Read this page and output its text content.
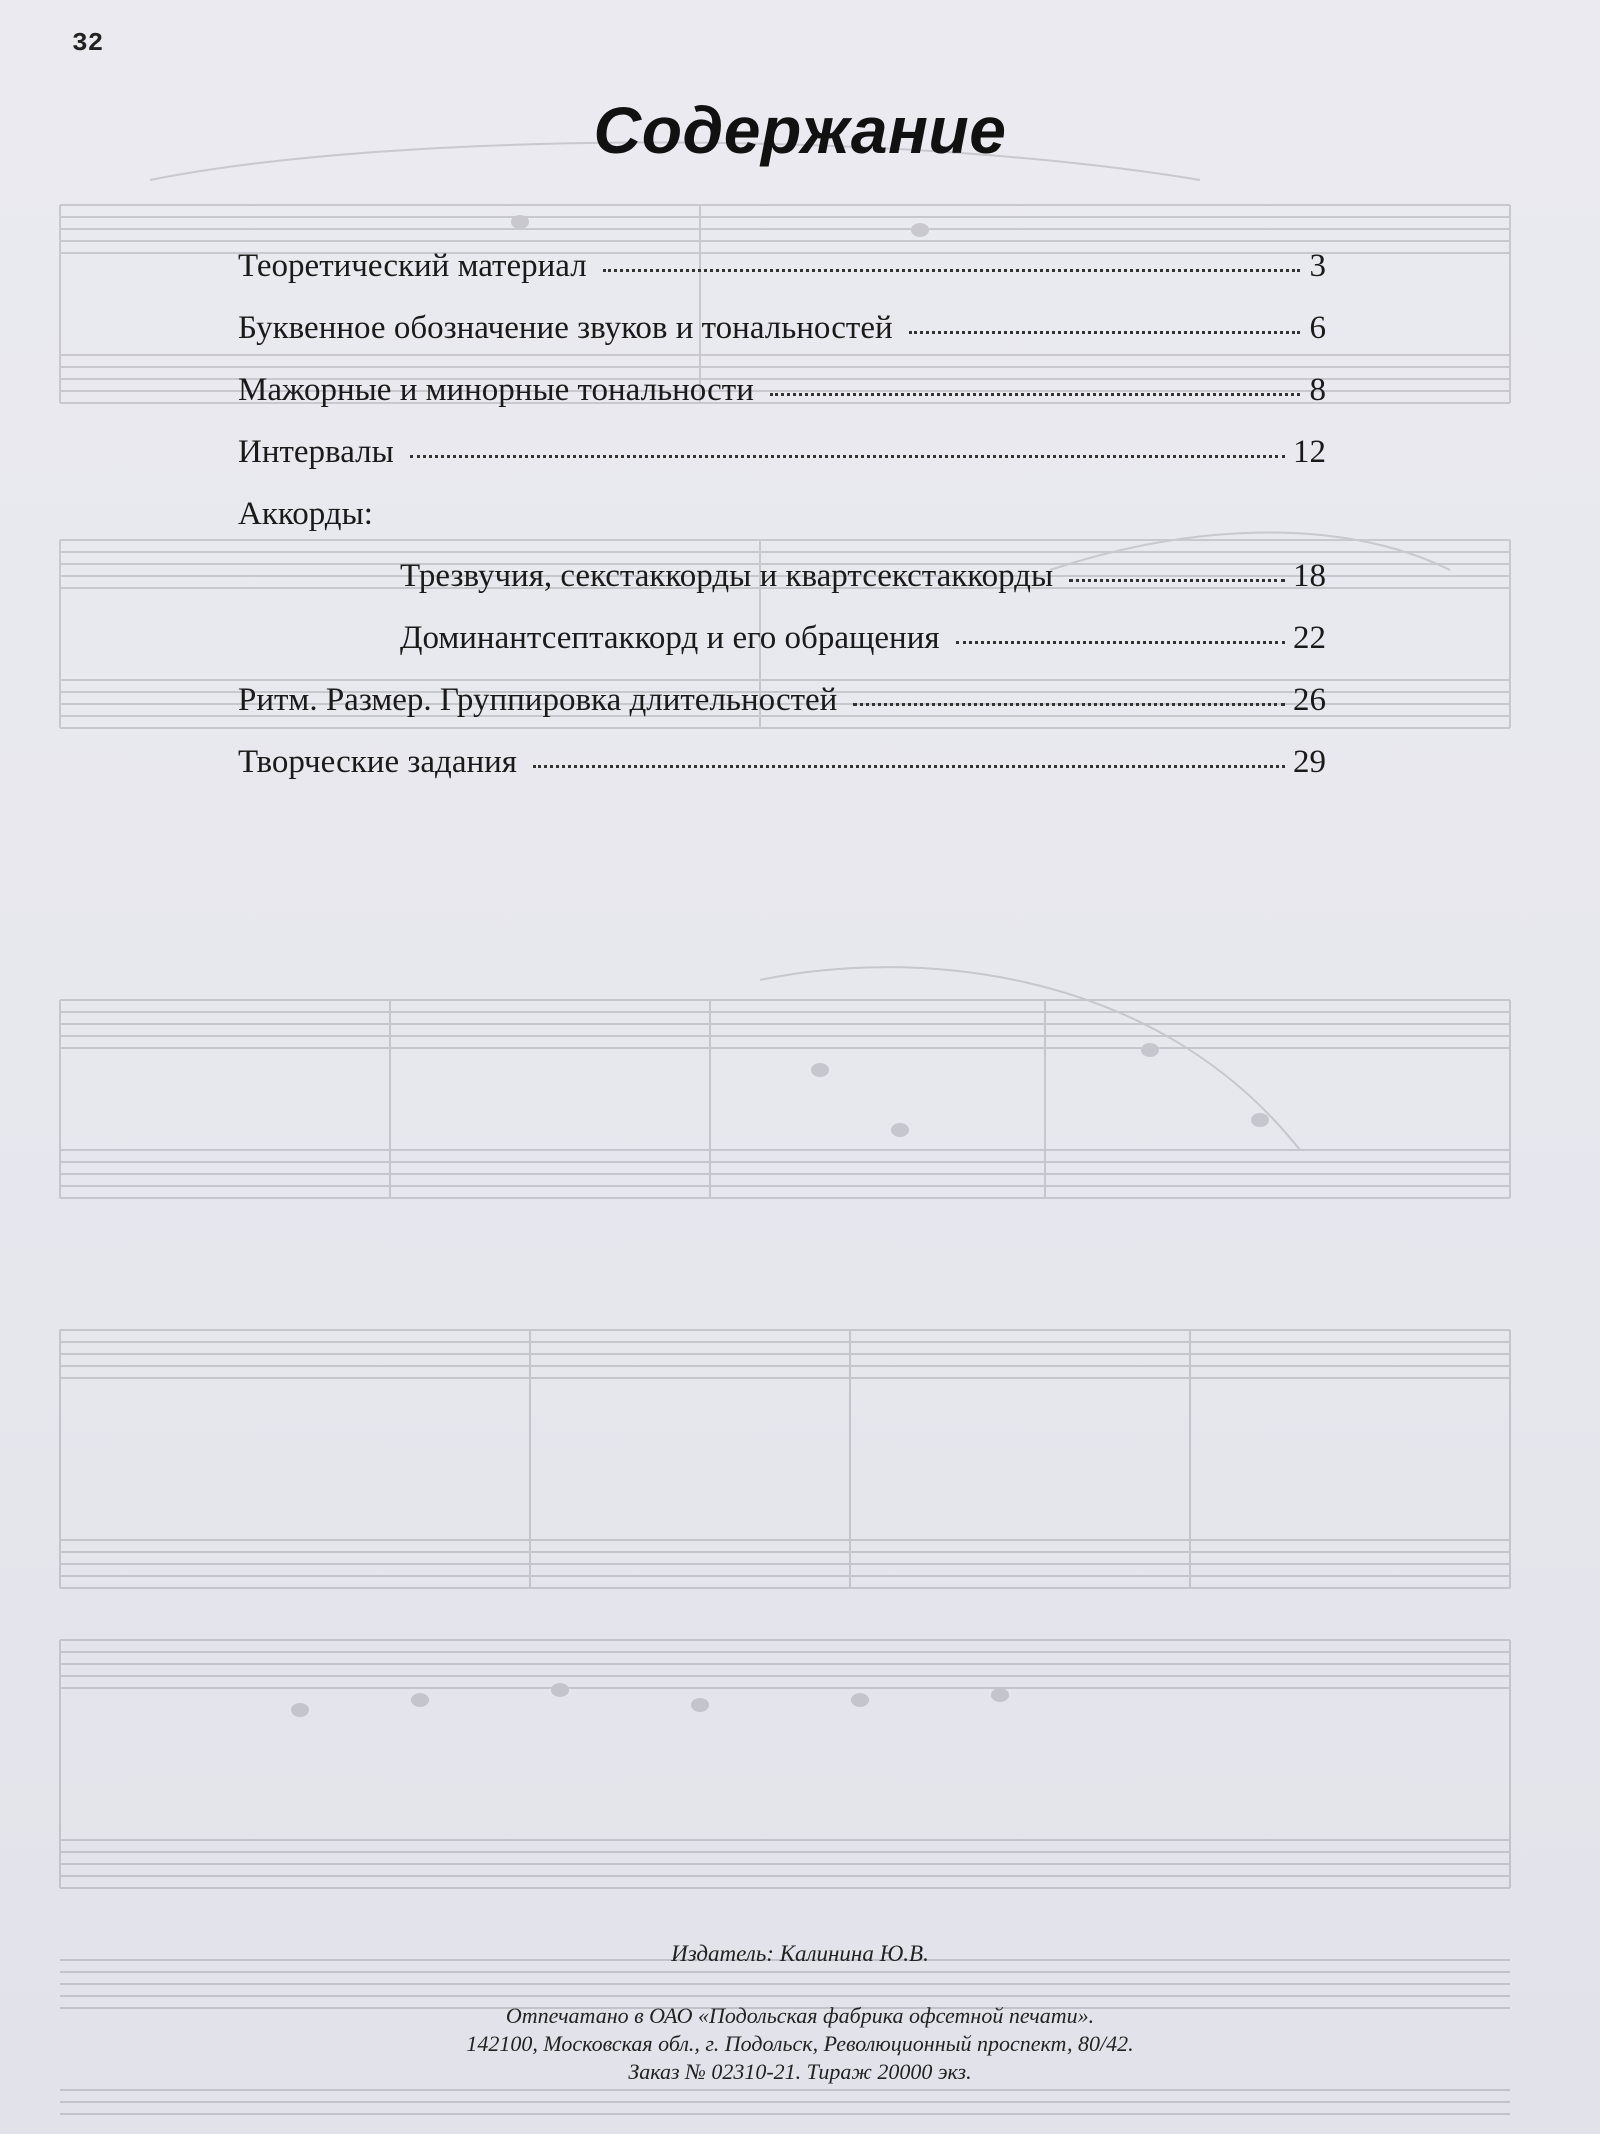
32
Содержание
Теоретический материал	3
Буквенное обозначение звуков и тональностей	6
Мажорные и минорные тональности	8
Интервалы	12
Аккорды:
Трезвучия, секстаккорды и квартсекстаккорды	18
Доминантсептаккорд и его обращения	22
Ритм. Размер. Группировка длительностей	26
Творческие задания	29
Издатель: Калинина Ю.В.
Отпечатано в ОАО «Подольская фабрика офсетной печати».
142100, Московская обл., г. Подольск, Революционный проспект, 80/42.
Заказ № 02310-21. Тираж 20000 экз.
